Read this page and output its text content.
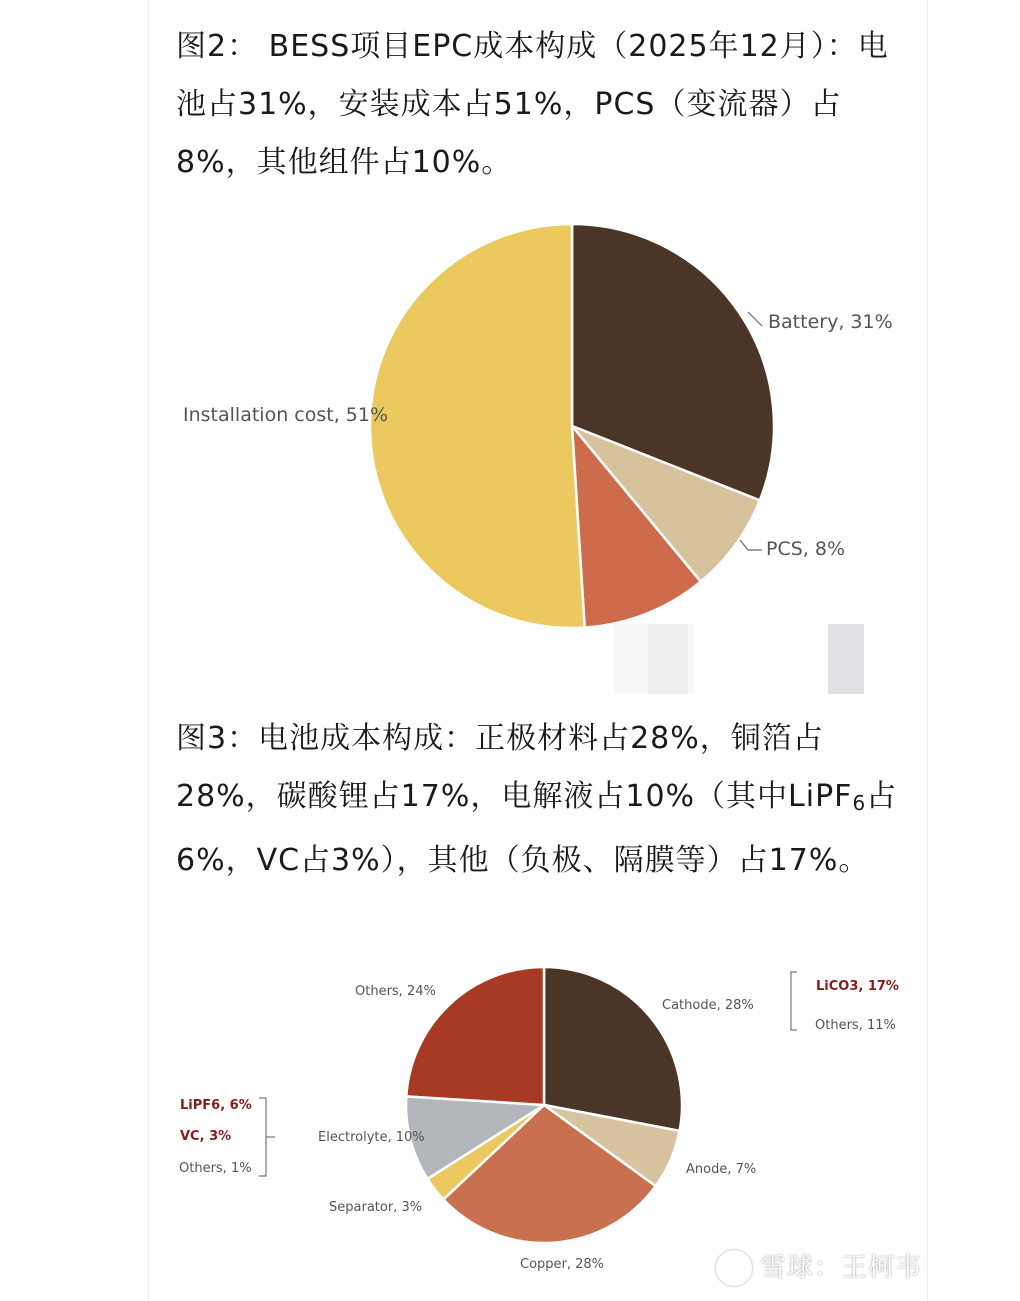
图2： BESS项目EPC成本构成（2025年12月）：电池占31%，安装成本占51%，PCS（变流器）占8%，其他组件占10%。

Battery, 31%
PCS, 8%
Installation cost, 51%
Cathode, 28%
Anode, 7%
Copper, 28%
Separator, 3%
Electrolyte, 10%
Others, 24%	LiCO3, 17%
Others, 11%
LiPF6, 6%
VC, 3%
Others, 1%

图3：电池成本构成：正极材料占28%，铜箔占28%，碳酸锂占17%，电解液占10%（其中LiPF$_6$占6%，VC占3%），其他（负极、隔膜等）占17%。

雪球：王柯韦
